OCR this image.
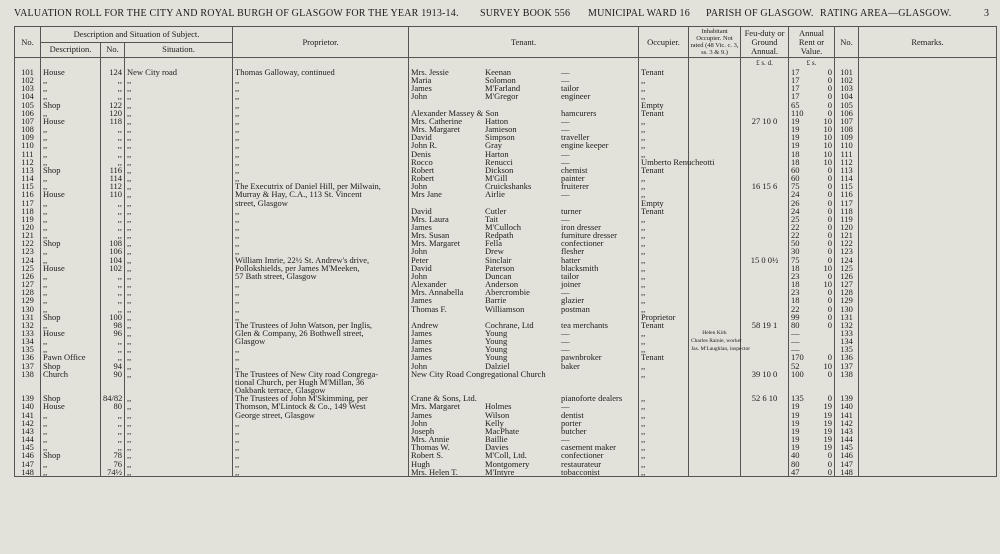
VALUATION ROLL FOR THE CITY AND ROYAL BURGH OF GLASGOW FOR THE YEAR 1913-14. SURVEY BOOK 556 MUNICIPAL WARD 16 PARISH OF GLASGOW. RATING AREA—GLASGOW.	3
No.	Description and Situation of Subject.			Proprietor.	Tenant.	Occupier.	Inhabitant Occupier. Not rated (48 Vic. c. 3, ss. 3 & 9.)	Feu-duty or Ground Annual.	Annual Rent or Value.	No.	Remarks.
	Description.	No.	Situation.								
								£ s. d.	£ s.		
101	House	124	New City road	Thomas Galloway, continued	Mrs. Jessie Keenan —	Tenant			17 0	101	
102	,,	,,	,,	,,	Maria Solomon —	,,			17 0	102	
103	,,	,,	,,	,,	James M'Farland tailor	,,			17 0	103	
104	,,	,,	,,	,,	John M'Gregor engineer	,,			17 0	104	
105	Shop	122	,,	,,		Empty			65 0	105	
106	,,	120	,,	,,	Alexander Massey & Son hamcurers	Tenant			110 0	106	
107	House	118	,,	,,	Mrs. Catherine Hatton —	,,		27 10 0	19 10	107	
108	,,	,,	,,	,,	Mrs. Margaret Jamieson —	,,			19 10	108	
109	,,	,,	,,	,,	David Simpson traveller	,,			19 10	109	
110	,,	,,	,,	,,	John R. Gray engine keeper	,,			19 10	110	
111	,,	,,	,,	,,	Denis Harton —	,,			18 10	111	
112	,,	,,	,,	,,	Rocco Renucci —	Umberto Renucheotti			18 10	112	
113	Shop	116	,,	,,	Robert Dickson chemist	Tenant			60 0	113	
114	,,	114	,,	,,	Robert M'Gill painter	,,			60 0	114	
115	,,	112	,,	The Executrix of Daniel Hill, per Milwain,	John Cruickshanks fruiterer	,,		16 15 6	75 0	115	
116	House	110	,,	Murray & Hay, C.A., 113 St. Vincent	Mrs Jane Airlie —	,,			24 0	116	
117	,,	,,	,,	street, Glasgow		Empty			26 0	117	
118	,,	,,	,,	,,	David Cutler turner	Tenant			24 0	118	
119	,,	,,	,,	,,	Mrs. Laura Tait —	,,			25 0	119	
120	,,	,,	,,	,,	James M'Culloch iron dresser	,,			22 0	120	
121	,,	,,	,,	,,	Mrs. Susan Redpath furniture dresser	,,			22 0	121	
122	Shop	108	,,	,,	Mrs. Margaret Fella confectioner	,,			50 0	122	
123	,,	106	,,	,,	John Drew flesher	,,			30 0	123	
124	,,	104	,,	William Imrie, 22½ St. Andrew's drive,	Peter Sinclair hatter	,,		15 0 0½	75 0	124	
125	House	102	,,	Pollokshields, per James M'Meeken,	David Paterson blacksmith	,,			18 10	125	
126	,,	,,	,,	57 Bath street, Glasgow	John Duncan tailor	,,			23 0	126	
127	,,	,,	,,	,,	Alexander Anderson joiner	,,			18 10	127	
128	,,	,,	,,	,,	Mrs. Annabella Abercrombie —	,,			23 0	128	
129	,,	,,	,,	,,	James Barrie glazier	,,			18 0	129	
130	,,	,,	,,	,,	Thomas F. Williamson postman	,,			22 0	130	
131	Shop	100	,,	,,		Proprietor			99 0	131	
132	,,	98	,,	The Trustees of John Watson, per Inglis,	Andrew Cochrane, Ltd tea merchants	Tenant		58 19 1	80 0	132	
133	House	96	,,	Glen & Company, 26 Bothwell street,	James Young —	,,	Helen Kirk		—	133	
134	,,	,,	,,	Glasgow	James Young —	,,	Charles Rainie, worker		—	134	
135	,,	,,	,,	,,	James Young —	,,	Jas. M'Laughlan, inspector		—	135	
136	Pawn Office	,,	,,	,,	James Young pawnbroker	Tenant			170 0	136	
137	Shop	94	,,	,,	John Dalziel baker	,,			52 10	137	
138	Church	90	,,	The Trustees of New City road Congrega-	New City Road Congregational Church	,,		39 10 0	100 0	138	
				tional Church, per Hugh M'Millan, 36					

				Oakbank terrace, Glasgow					

139	Shop	84/82	,,	The Trustees of John M'Skimming, per	Crane & Sons, Ltd. pianoforte dealers	,,		52 6 10	135 0	139	
140	House	80	,,	Thomson, M'Lintock & Co., 149 West	Mrs. Margaret Holmes —	,,			19 19	140	
141	,,	,,	,,	George street, Glasgow	James Wilson dentist	,,			19 19	141	
142	,,	,,	,,	,,	John Kelly porter	,,			19 19	142	
143	,,	,,	,,	,,	Joseph MacPhate butcher	,,			19 19	143	
144	,,	,,	,,	,,	Mrs. Annie Baillie —	,,			19 19	144	
145	,,	,,	,,	,,	Thomas W. Davies casement maker	,,			19 19	145	
146	Shop	78	,,	,,	Robert S. M'Coll, Ltd. confectioner	,,			40 0	146	
147	,,	76	,,	,,	Hugh Montgomery restaurateur	,,			80 0	147	
148	,,	74½	,,	,,	Mrs. Helen T. M'Intyre tobacconist	,,			47 0	148	
